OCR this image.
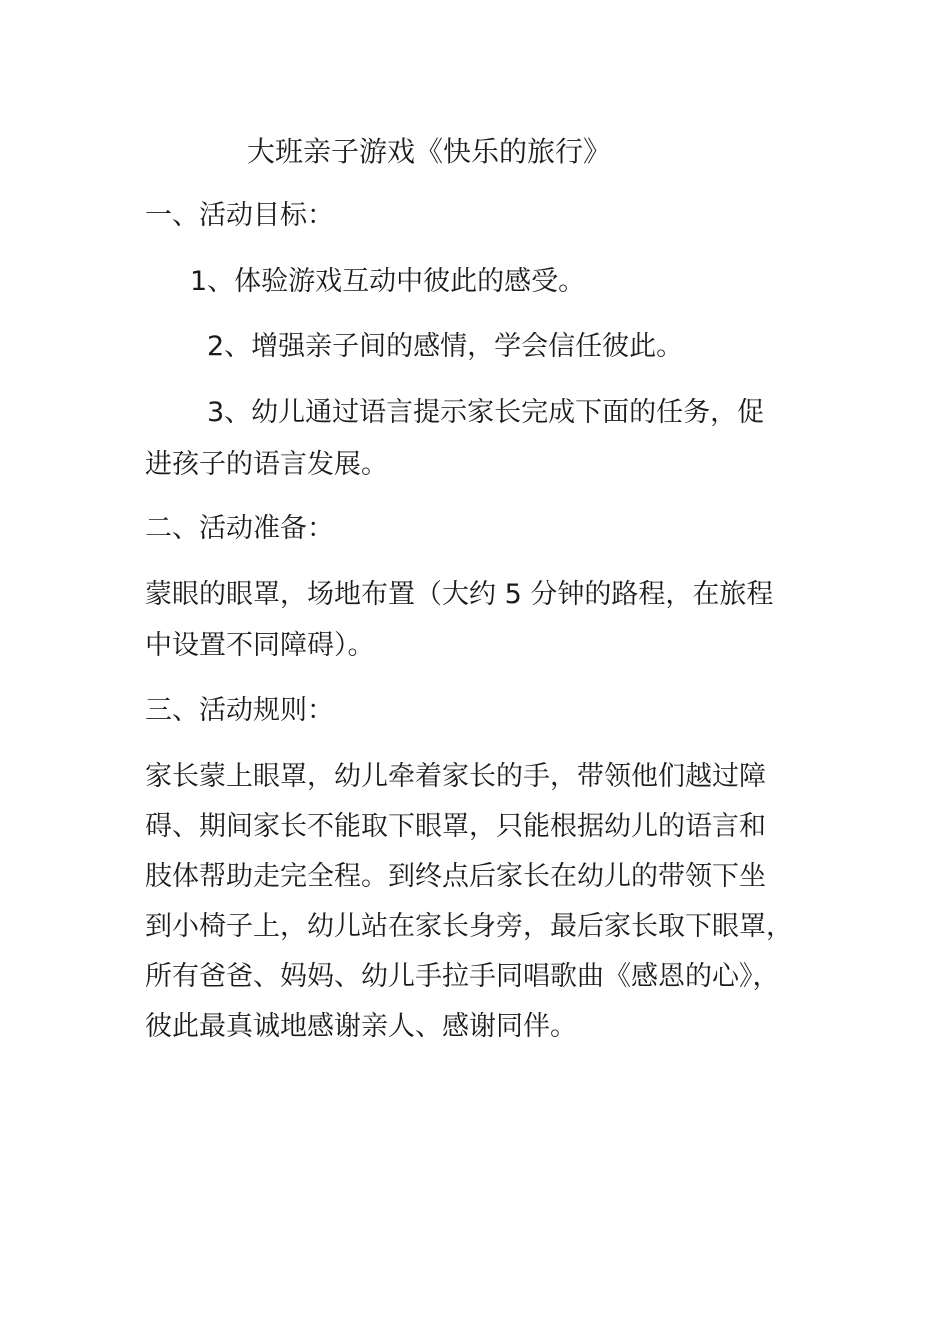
大班亲子游戏《快乐的旅行》
一、活动目标：
1、体验游戏互动中彼此的感受。
2、增强亲子间的感情，学会信任彼此。
3、幼儿通过语言提示家长完成下面的任务，促
进孩子的语言发展。
二、活动准备：
蒙眼的眼罩，场地布置（大约 5 分钟的路程，在旅程
中设置不同障碍）。
三、活动规则：
家长蒙上眼罩，幼儿牵着家长的手，带领他们越过障
碍、期间家长不能取下眼罩，只能根据幼儿的语言和
肢体帮助走完全程。到终点后家长在幼儿的带领下坐
到小椅子上，幼儿站在家长身旁，最后家长取下眼罩，
所有爸爸、妈妈、幼儿手拉手同唱歌曲《感恩的心》，
彼此最真诚地感谢亲人、感谢同伴。
